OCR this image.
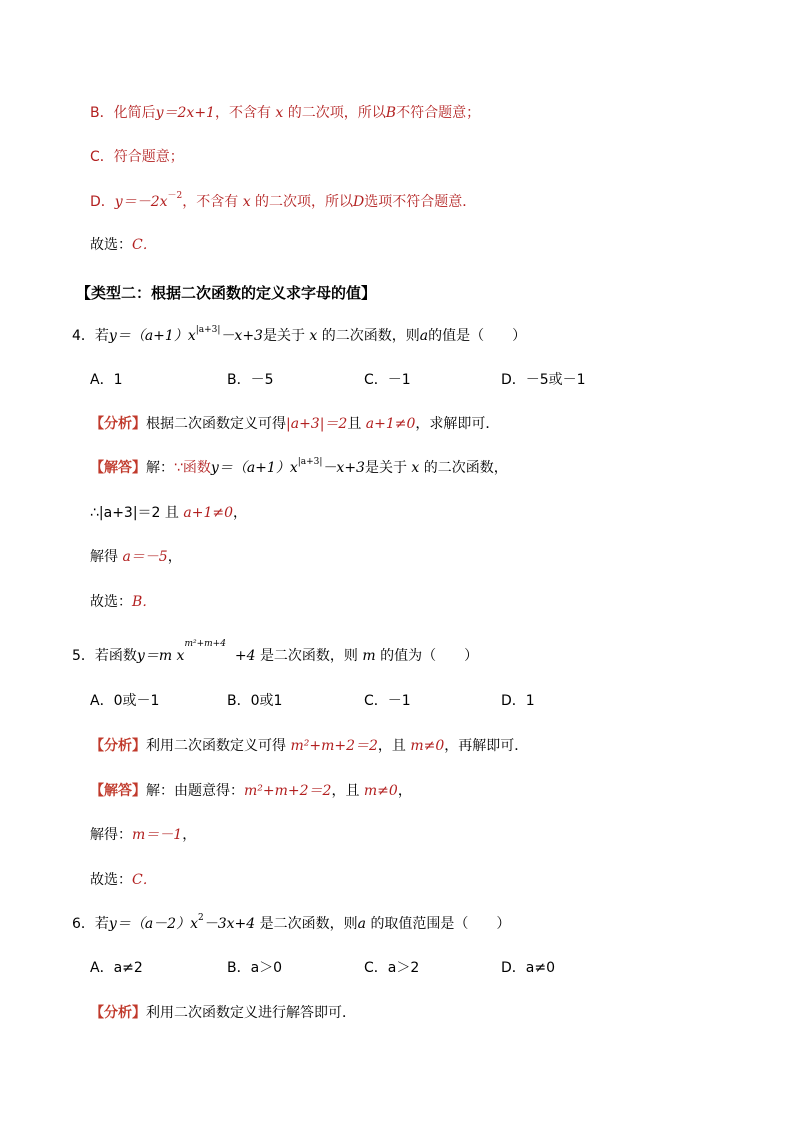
B．化简后y＝2x+1，不含有 x 的二次项，所以B不符合题意；
C．符合题意；
D．$y=-2x^{-2}$，不含有 x 的二次项，所以D选项不符合题意．
故选：C．
【类型二：根据二次函数的定义求字母的值】
4．若$y=(a+1)x^{|a+3|}-x+3$是关于 x 的二次函数，则a的值是（　　）
A．1	B．－5	C．－1	D．－5或－1
【分析】根据二次函数定义可得|a+3|＝2且 a+1≠0，求解即可．
【解答】解：∵函数$y=(a+1)x^{|a+3|}-x+3$是关于 x 的二次函数，
∴|a+3|＝2 且 a+1≠0，
解得 a＝－5，
故选：B．
5．若函数y＝m $x^{m^2+m+4} +4$ 是二次函数，则 m 的值为（　　）
A．0或－1	B．0或1	C．－1	D．1
【分析】利用二次函数定义可得 m²+m+2＝2，且 m≠0，再解即可．
【解答】解：由题意得：m²+m+2＝2，且 m≠0，
解得：m＝－1，
故选：C．
6．若$y=(a-2)x^2-3x+4$ 是二次函数，则a 的取值范围是（　　）
A．a≠2	B．a＞0	C．a＞2	D．a≠0
【分析】利用二次函数定义进行解答即可．
